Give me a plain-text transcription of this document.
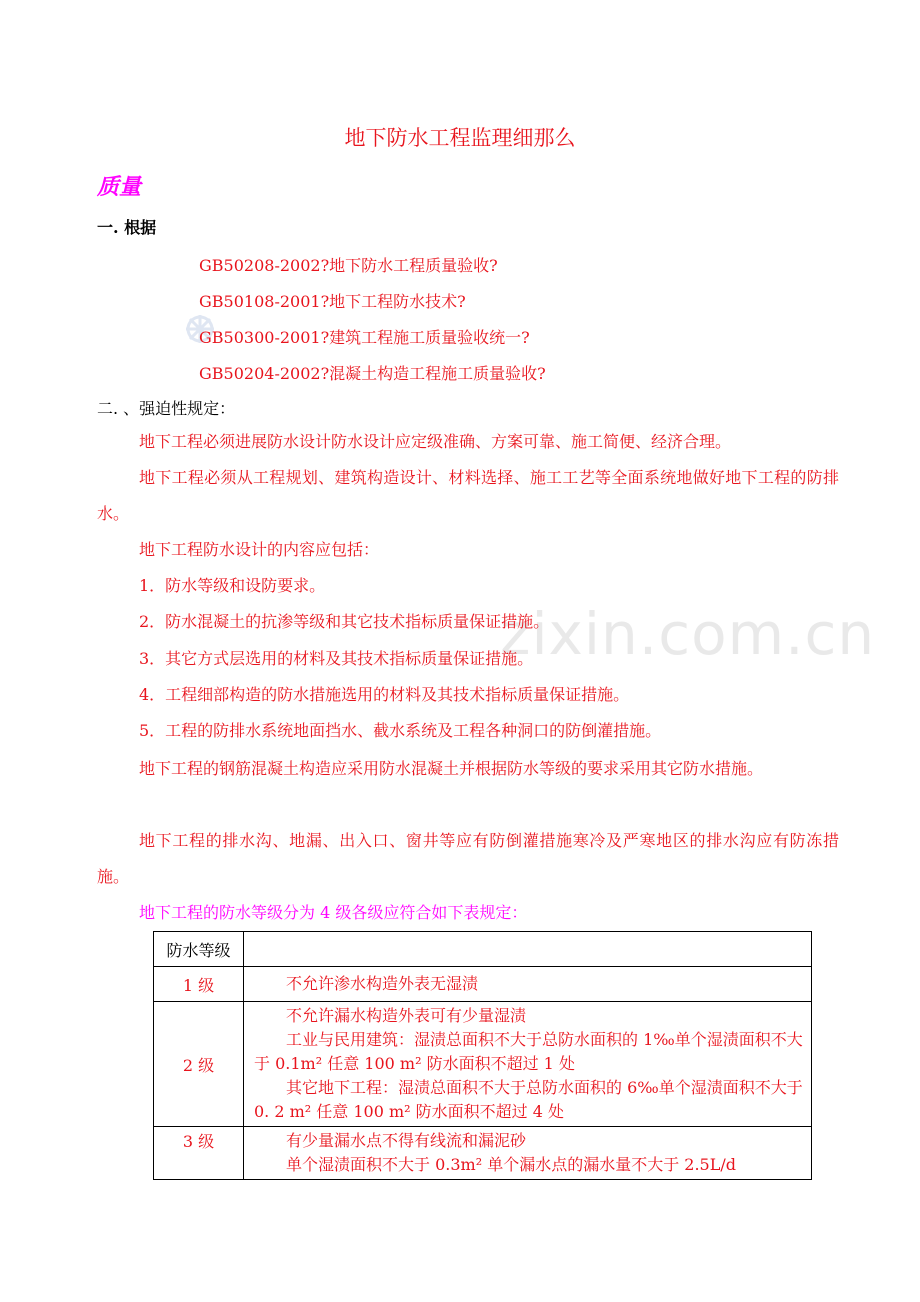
zixin.com.cn
地下防水工程监理细那么
质量
一. 根据
GB50208-2002?地下防水工程质量验收?
GB50108-2001?地下工程防水技术?
GB50300-2001?建筑工程施工质量验收统一?
GB50204-2002?混凝土构造工程施工质量验收?
二. 、强迫性规定：
地下工程必须进展防水设计防水设计应定级准确、方案可靠、施工简便、经济合理。
地下工程必须从工程规划、建筑构造设计、材料选择、施工工艺等全面系统地做好地下工程的防排水。
地下工程防水设计的内容应包括：
1．防水等级和设防要求。
2．防水混凝土的抗渗等级和其它技术指标质量保证措施。
3．其它方式层选用的材料及其技术指标质量保证措施。
4．工程细部构造的防水措施选用的材料及其技术指标质量保证措施。
5．工程的防排水系统地面挡水、截水系统及工程各种洞口的防倒灌措施。
地下工程的钢筋混凝土构造应采用防水混凝土并根据防水等级的要求采用其它防水措施。
地下工程的排水沟、地漏、出入口、窗井等应有防倒灌措施寒冷及严寒地区的排水沟应有防冻措施。
地下工程的防水等级分为 4 级各级应符合如下表规定：
防水等级	
1 级	不允许渗水构造外表无湿渍

2 级	不允许漏水构造外表可有少量湿渍
工业与民用建筑：湿渍总面积不大于总防水面积的 1‰单个湿渍面积不大于 0.1m² 任意 100 m² 防水面积不超过 1 处
其它地下工程：湿渍总面积不大于总防水面积的 6‰单个湿渍面积不大于 0. 2 m² 任意 100 m² 防水面积不超过 4 处

3 级	有少量漏水点不得有线流和漏泥砂
单个湿渍面积不大于 0.3m² 单个漏水点的漏水量不大于 2.5L/d
